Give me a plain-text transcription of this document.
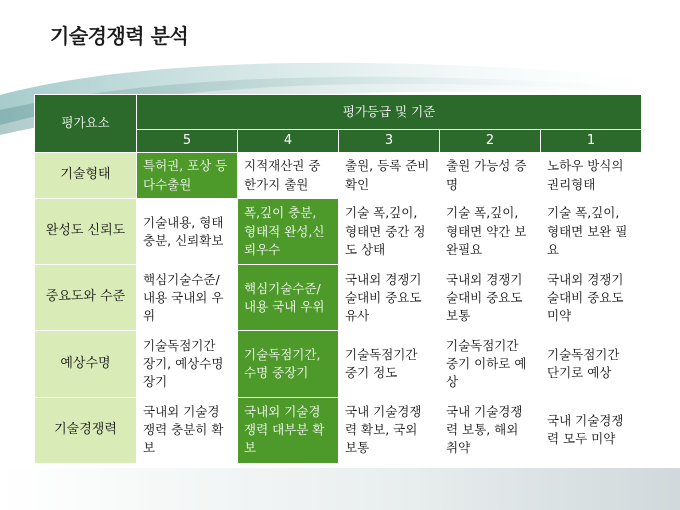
기술경쟁력 분석
평가요소	평가등급 및 기준				
	5	4	3	2	1
기술형태	특허권, 포상 등 다수출원	지적재산권 중 한가지 출원	출원, 등록 준비 확인	출원 가능성 증명	노하우 방식의 권리형태
완성도 신뢰도	기술내용, 형태 충분, 신뢰확보	폭,깊이 충분, 형태적 완성,신뢰우수	기술 폭,깊이, 형태면 중간 정도 상태	기술 폭,깊이, 형태면 약간 보완필요	기술 폭,깊이, 형태면 보완 필요
중요도와 수준	핵심기술수준/ 내용 국내외 우위	핵심기술수준/ 내용 국내 우위	국내외 경쟁기술대비 중요도 유사	국내외 경쟁기술대비 중요도 보통	국내외 경쟁기술대비 중요도 미약
예상수명	기술독점기간 장기, 예상수명 장기	기술독점기간, 수명 중장기	기술독점기간 중기 정도	기술독점기간 중기 이하로 예상	기술독점기간 단기로 예상
기술경쟁력	국내외 기술경쟁력 충분히 확보	국내외 기술경쟁력 대부분 확보	국내 기술경쟁력 확보, 국외 보통	국내 기술경쟁력 보통, 해외 취약	국내 기술경쟁력 모두 미약
